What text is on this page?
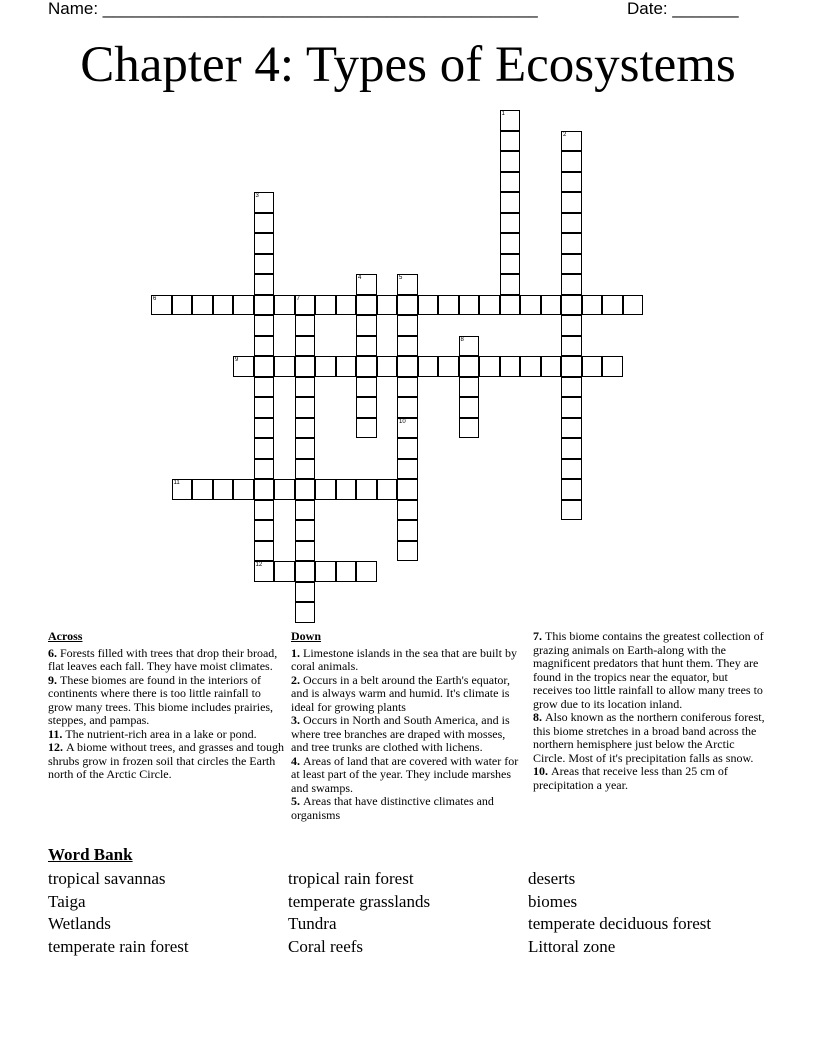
Name: ______________________________________________	Date: _______
Chapter 4: Types of Ecosystems
1
2
3
12
4	5
6	7
8
9
10
11
Across
6. Forests filled with trees that drop their broad, flat leaves each fall. They have moist climates.
9. These biomes are found in the interiors of continents where there is too little rainfall to grow many trees. This biome includes prairies, steppes, and pampas.
11. The nutrient-rich area in a lake or pond.
12. A biome without trees, and grasses and tough shrubs grow in frozen soil that circles the Earth north of the Arctic Circle.
Down
1. Limestone islands in the sea that are built by coral animals.
2. Occurs in a belt around the Earth's equator, and is always warm and humid. It's climate is ideal for growing plants
3. Occurs in North and South America, and is where tree branches are draped with mosses, and tree trunks are clothed with lichens.
4. Areas of land that are covered with water for at least part of the year. They include marshes and swamps.
5. Areas that have distinctive climates and organisms
7. This biome contains the greatest collection of grazing animals on Earth-along with the magnificent predators that hunt them. They are found in the tropics near the equator, but receives too little rainfall to allow many trees to grow due to its location inland.
8. Also known as the northern coniferous forest, this biome stretches in a broad band across the northern hemisphere just below the Arctic Circle. Most of it's precipitation falls as snow.
10. Areas that receive less than 25 cm of precipitation a year.
Word Bank
tropical savannas
Taiga
Wetlands
temperate rain forest
tropical rain forest
temperate grasslands
Tundra
Coral reefs
deserts
biomes
temperate deciduous forest
Littoral zone
